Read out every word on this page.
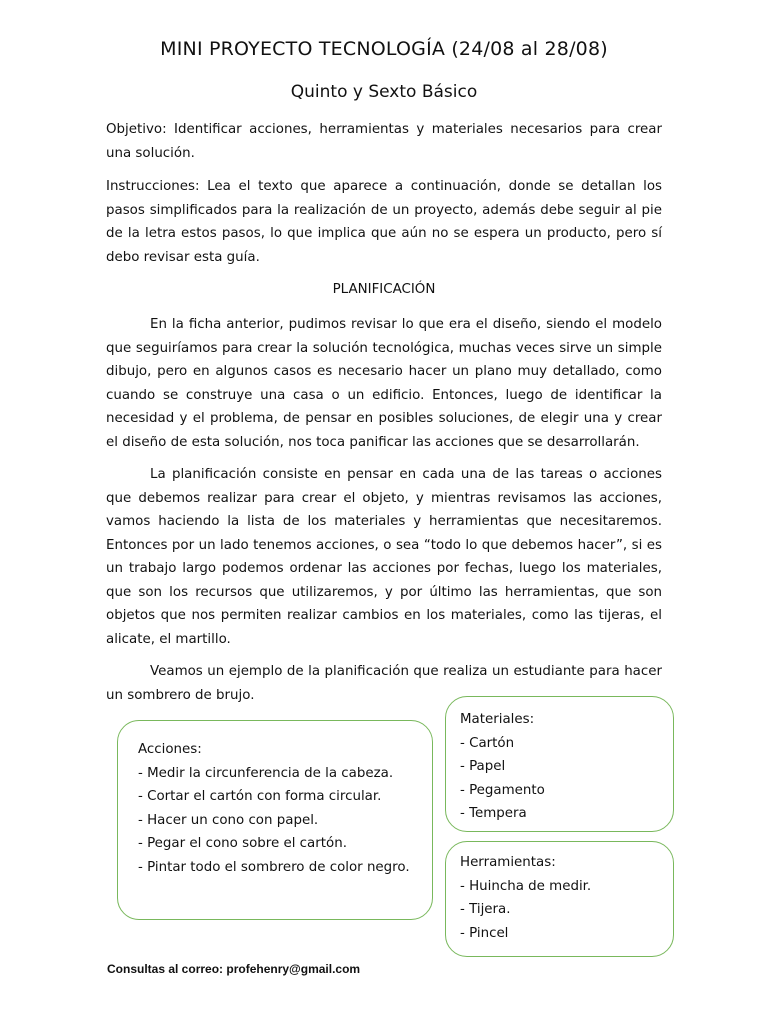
MINI PROYECTO TECNOLOGÍA (24/08 al 28/08)
Quinto y Sexto Básico

Objetivo: Identificar acciones, herramientas y materiales necesarios para crear una solución.

Instrucciones: Lea el texto que aparece a continuación, donde se detallan los pasos simplificados para la realización de un proyecto, además debe seguir al pie de la letra estos pasos, lo que implica que aún no se espera un producto, pero sí debo revisar esta guía.

PLANIFICACIÓN

En la ficha anterior, pudimos revisar lo que era el diseño, siendo el modelo que seguiríamos para crear la solución tecnológica, muchas veces sirve un simple dibujo, pero en algunos casos es necesario hacer un plano muy detallado, como cuando se construye una casa o un edificio. Entonces, luego de identificar la necesidad y el problema, de pensar en posibles soluciones, de elegir una y crear el diseño de esta solución, nos toca panificar las acciones que se desarrollarán.

La planificación consiste en pensar en cada una de las tareas o acciones que debemos realizar para crear el objeto, y mientras revisamos las acciones, vamos haciendo la lista de los materiales y herramientas que necesitaremos. Entonces por un lado tenemos acciones, o sea “todo lo que debemos hacer”, si es un trabajo largo podemos ordenar las acciones por fechas, luego los materiales, que son los recursos que utilizaremos, y por último las herramientas, que son objetos que nos permiten realizar cambios en los materiales, como las tijeras, el alicate, el martillo.

Veamos un ejemplo de la planificación que realiza un estudiante para hacer un sombrero de brujo.

Acciones:
- Medir la circunferencia de la cabeza.
- Cortar el cartón con forma circular.
- Hacer un cono con papel.
- Pegar el cono sobre el cartón.
- Pintar todo el sombrero de color negro.
Materiales:
- Cartón
- Papel
- Pegamento
- Tempera
Herramientas:
- Huincha de medir.
- Tijera.
- Pincel
Consultas al correo: profehenry@gmail.com
